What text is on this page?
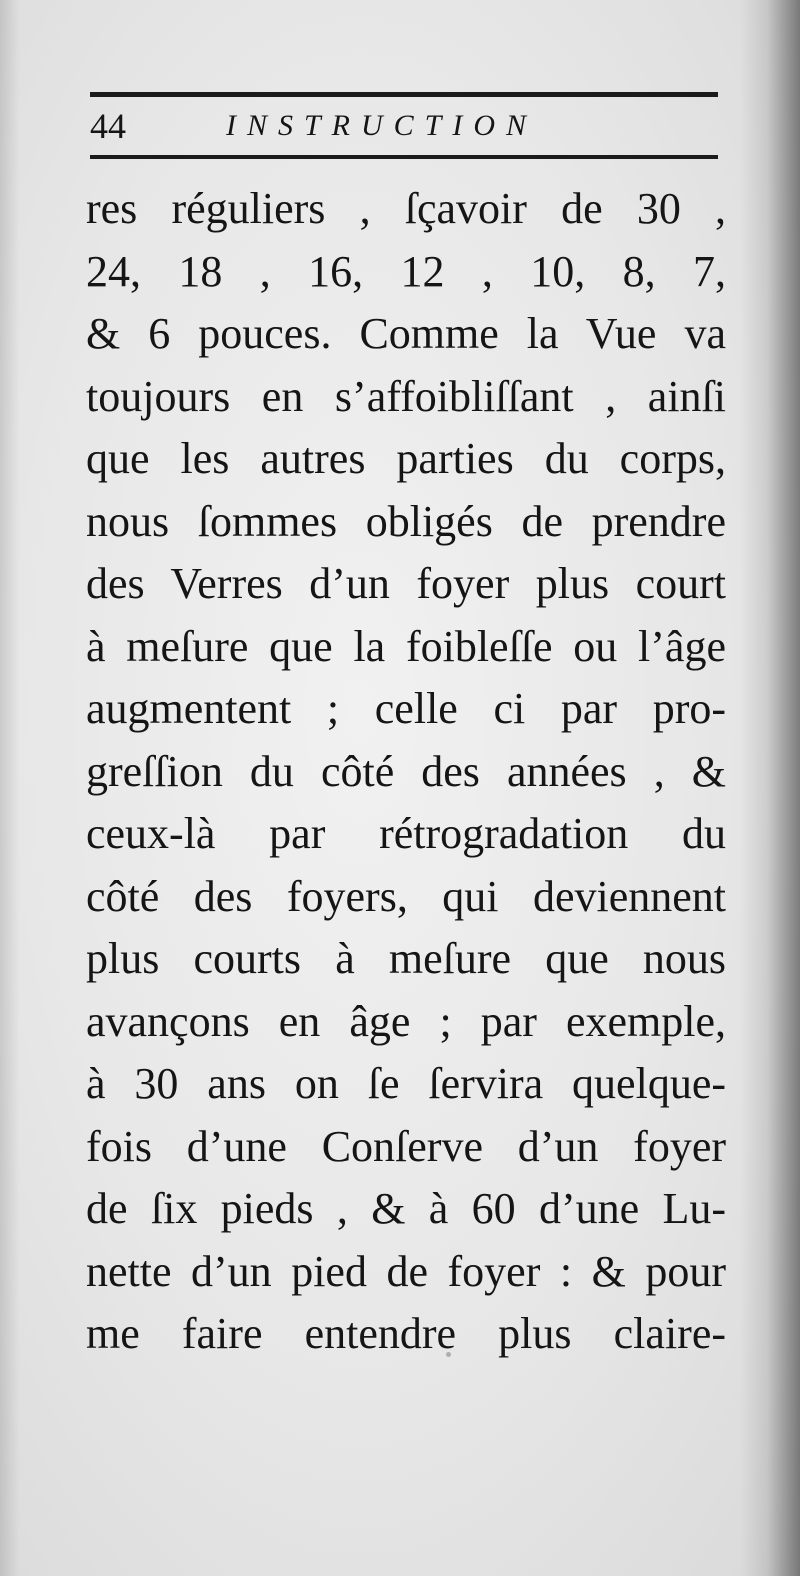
44	INSTRUCTION
res réguliers , ſçavoir de 30 ,
24, 18 , 16, 12 , 10, 8, 7,
& 6 pouces. Comme la Vue va
toujours en s’affoibliſſant , ainſi
que les autres parties du corps,
nous ſommes obligés de prendre
des Verres d’un foyer plus court
à meſure que la foibleſſe ou l’âge
augmentent ; celle ci par pro-
greſſion du côté des années , &
ceux-là par rétrogradation du
côté des foyers, qui deviennent
plus courts à meſure que nous
avançons en âge ; par exemple,
à 30 ans on ſe ſervira quelque-
fois d’une Conſerve d’un foyer
de ſix pieds , & à 60 d’une Lu-
nette d’un pied de foyer : & pour
me faire entendre plus claire-
